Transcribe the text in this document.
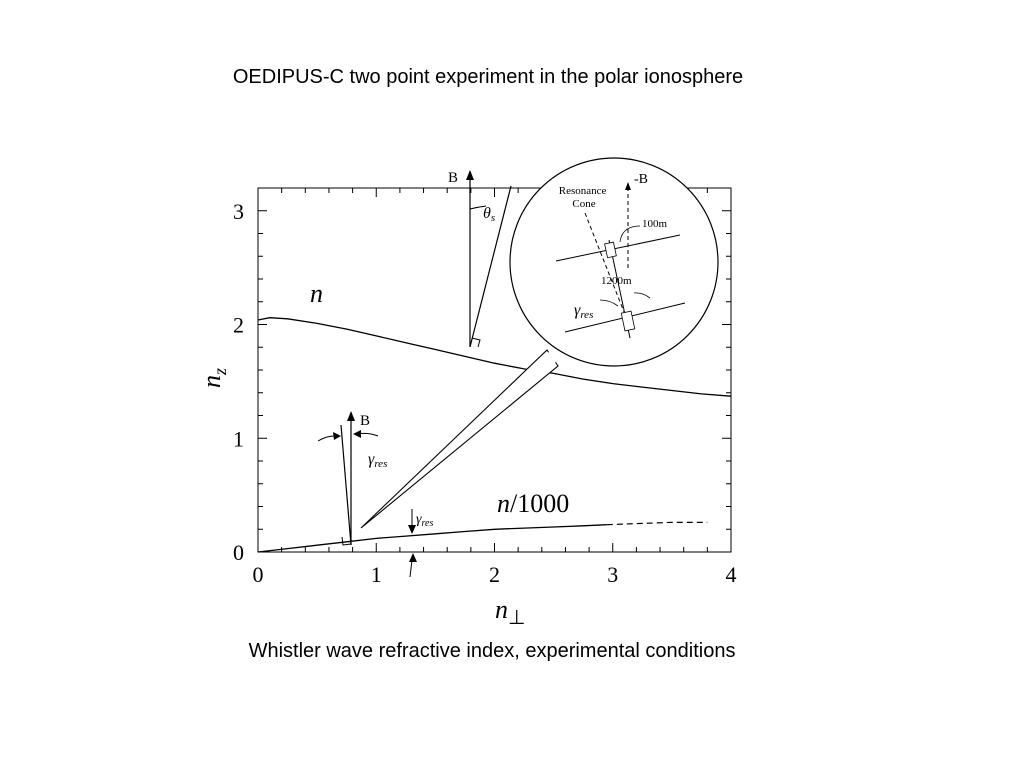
OEDIPUS-C two point experiment in the polar ionosphere
0	1	2	3	4
0
1
2
3
$n_\perp$
$n_z$
n
n/1000
B
θs
B
γres
$\gamma_{res}$
-B
Resonance Cone
100m
1200m
γres
Whistler wave refractive index, experimental conditions
